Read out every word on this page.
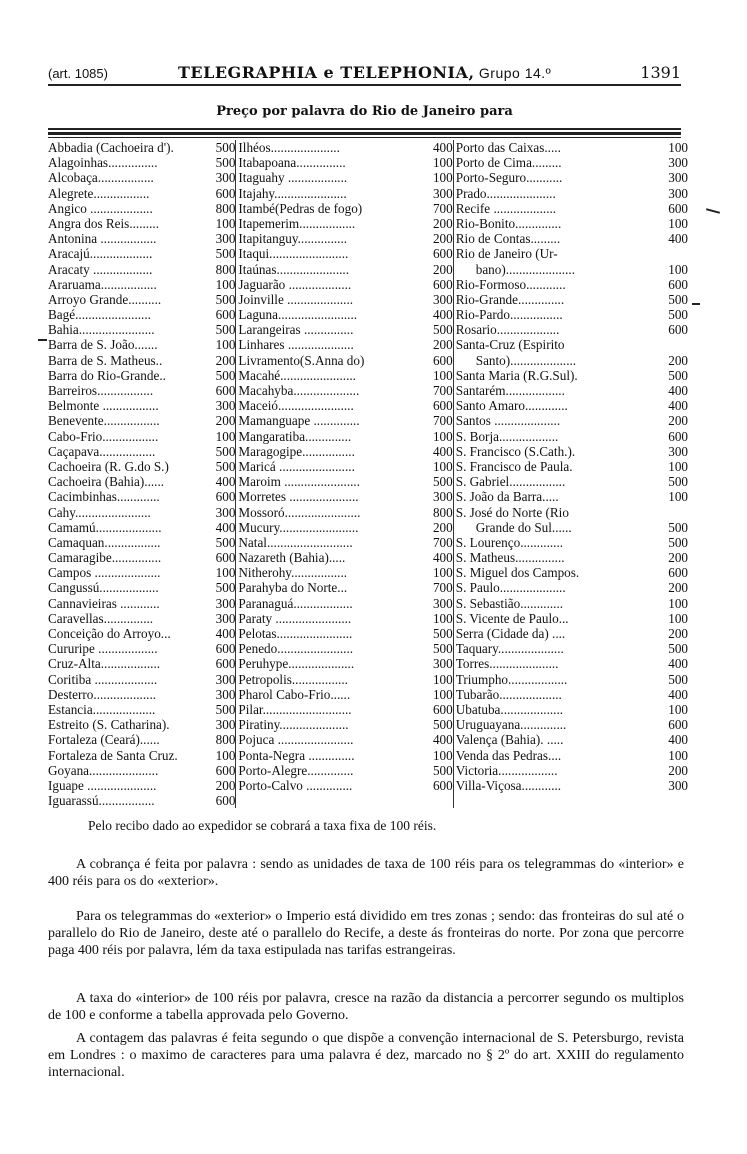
(art. 1085)	TELEGRAPHIA e TELEPHONIA, Grupo 14.º	1391
Preço por palavra do Rio de Janeiro para
Abbadia (Cachoeira d').	500
Alagoinhas...............	500
Alcobaça.................	300
Alegrete.................	600
Angico ...................	800
Angra dos Reis.........	100
Antonina .................	300
Aracajú...................	500
Aracaty ..................	800
Araruama.................	100
Arroyo Grande..........	500
Bagé.......................	600
Bahia.......................	500
Barra de S. João.......	100
Barra de S. Matheus..	200
Barra do Rio-Grande..	500
Barreiros.................	600
Belmonte .................	300
Benevente.................	200
Cabo-Frio.................	100
Caçapava.................	500
Cachoeira (R. G.do S.)	500
Cachoeira (Bahia)......	400
Cacimbinhas.............	600
Cahy.......................	300
Camamú....................	400
Camaquan.................	500
Camaragibe...............	600
Campos ....................	100
Cangussú..................	500
Cannavieiras ............	300
Caravellas...............	300
Conceição do Arroyo...	400
Cururipe ..................	600
Cruz-Alta..................	600
Coritiba ...................	300
Desterro...................	300
Estancia...................	500
Estreito (S. Catharina).	300
Fortaleza (Ceará)......	800
Fortaleza de Santa Cruz.	100
Goyana.....................	600
Iguape .....................	200
Iguarassú.................	600
Ilhéos.....................	400
Itabapoana...............	100
Itaguahy ..................	100
Itajahy......................	300
Itambé(Pedras de fogo)	700
Itapemerim.................	200
Itapitanguy...............	200
Itaqui........................	600
Itaúnas......................	200
Jaguarão ...................	600
Joinville ....................	300
Laguna........................	400
Larangeiras ...............	500
Linhares ....................	200
Livramento(S.Anna do)	600
Macahé.......................	100
Macahyba....................	700
Maceió.......................	600
Mamanguape ..............	700
Mangaratiba..............	100
Maragogipe................	400
Maricá .......................	100
Maroim .......................	500
Morretes .....................	300
Mossoró.......................	800
Mucury........................	200
Natal..........................	700
Nazareth (Bahia).....	400
Nitherohy.................	100
Parahyba do Norte...	700
Paranaguá..................	300
Paraty .......................	100
Pelotas.......................	500
Penedo.......................	500
Peruhype....................	300
Petropolis.................	100
Pharol Cabo-Frio......	100
Pilar...........................	600
Piratiny.....................	500
Pojuca .......................	400
Ponta-Negra ..............	100
Porto-Alegre..............	500
Porto-Calvo ..............	600
Porto das Caixas.....	100
Porto de Cima.........	300
Porto-Seguro...........	300
Prado.....................	300
Recife ...................	600
Rio-Bonito..............	100
Rio de Contas.........	400
Rio de Janeiro (Ur-
bano).....................	100
Rio-Formoso............	600
Rio-Grande..............	500
Rio-Pardo................	500
Rosario...................	600
Santa-Cruz (Espirito
Santo)....................	200
Santa Maria (R.G.Sul).	500
Santarém..................	400
Santo Amaro.............	400
Santos ....................	200
S. Borja..................	600
S. Francisco (S.Cath.).	300
S. Francisco de Paula.	100
S. Gabriel.................	500
S. João da Barra.....	100
S. José do Norte (Rio
Grande do Sul......	500
S. Lourenço.............	500
S. Matheus...............	200
S. Miguel dos Campos.	600
S. Paulo....................	200
S. Sebastião.............	100
S. Vicente de Paulo...	100
Serra (Cidade da) ....	200
Taquary....................	500
Torres.....................	400
Triumpho..................	500
Tubarão...................	400
Ubatuba...................	100
Uruguayana..............	600
Valença (Bahia). .....	400
Venda das Pedras....	100
Victoria..................	200
Villa-Viçosa............	300
Pelo recibo dado ao expedidor se cobrará a taxa fixa de 100 réis.
A cobrança é feita por palavra : sendo as unidades de taxa de 100 réis para os telegrammas do «interior» e 400 réis para os do «exterior».
Para os telegrammas do «exterior» o Imperio está dividido em tres zonas ; sendo: das fronteiras do sul até o parallelo do Rio de Janeiro, deste até o parallelo do Recife, a deste ás fronteiras do norte. Por zona que percorre paga 400 réis por palavra, lém da taxa estipulada nas tarifas estrangeiras.
A taxa do «interior» de 100 réis por palavra, cresce na razão da distancia a percorrer segundo os multiplos de 100 e conforme a tabella approvada pelo Governo.
A contagem das palavras é feita segundo o que dispõe a convenção internacional de S. Petersburgo, revista em Londres : o maximo de caracteres para uma palavra é dez, marcado no § 2º do art. XXIII do regulamento internacional.
